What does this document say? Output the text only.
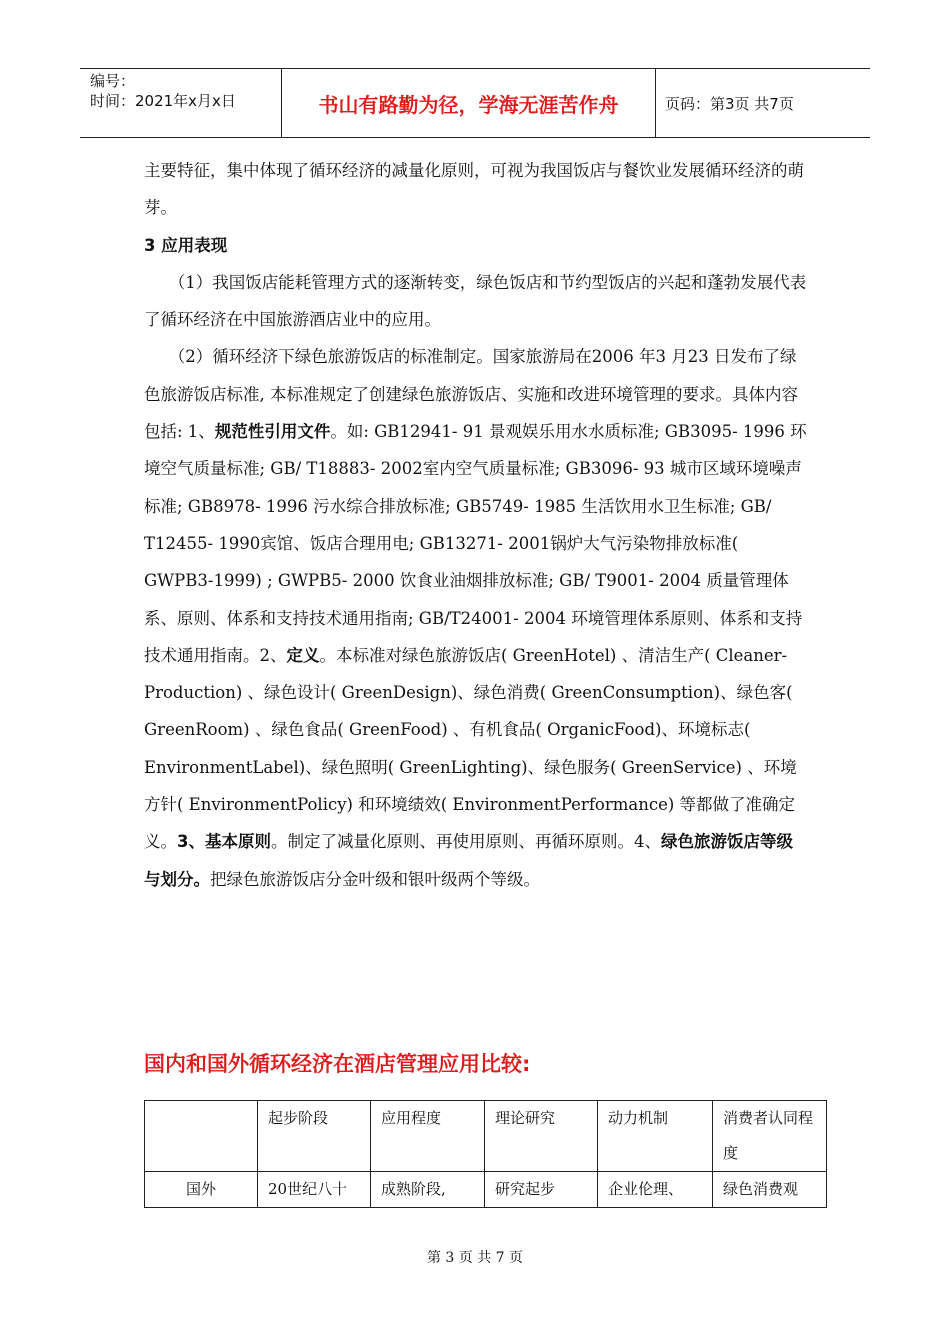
编号：
时间：2021年x月x日	书山有路勤为径，学海无涯苦作舟	页码：第3页 共7页

主要特征，集中体现了循环经济的减量化原则，可视为我国饭店与餐饮业发展循环经济的萌芽。

3 应用表现

（1）我国饭店能耗管理方式的逐渐转变，绿色饭店和节约型饭店的兴起和蓬勃发展代表了循环经济在中国旅游酒店业中的应用。

（2）循环经济下绿色旅游饭店的标准制定。国家旅游局在2006 年3 月23 日发布了绿色旅游饭店标准, 本标准规定了创建绿色旅游饭店、实施和改进环境管理的要求。具体内容包括: 1、规范性引用文件。如: GB12941- 91 景观娱乐用水水质标准; GB3095- 1996 环境空气质量标准; GB/ T18883- 2002室内空气质量标准; GB3096- 93 城市区域环境噪声标准; GB8978- 1996 污水综合排放标准; GB5749- 1985 生活饮用水卫生标准; GB/ T12455- 1990宾馆、饭店合理用电; GB13271- 2001锅炉大气污染物排放标准( GWPB3-1999) ; GWPB5- 2000 饮食业油烟排放标准; GB/ T9001- 2004 质量管理体系、原则、体系和支持技术通用指南; GB/T24001- 2004 环境管理体系原则、体系和支持技术通用指南。2、定义。本标准对绿色旅游饭店( GreenHotel) 、清洁生产( Cleaner-Production) 、绿色设计( GreenDesign)、绿色消费( GreenConsumption)、绿色客( GreenRoom) 、绿色食品( GreenFood) 、有机食品( OrganicFood)、环境标志( EnvironmentLabel)、绿色照明( GreenLighting)、绿色服务( GreenService) 、环境方针( EnvironmentPolicy) 和环境绩效( EnvironmentPerformance) 等都做了准确定义。3、基本原则。制定了减量化原则、再使用原则、再循环原则。4、绿色旅游饭店等级与划分。把绿色旅游饭店分金叶级和银叶级两个等级。

国内和国外循环经济在酒店管理应用比较:
	起步阶段	应用程度	理论研究	动力机制	消费者认同程度
国外	20世纪八十	成熟阶段,	研究起步	企业伦理、	绿色消费观
第 3 页 共 7 页
